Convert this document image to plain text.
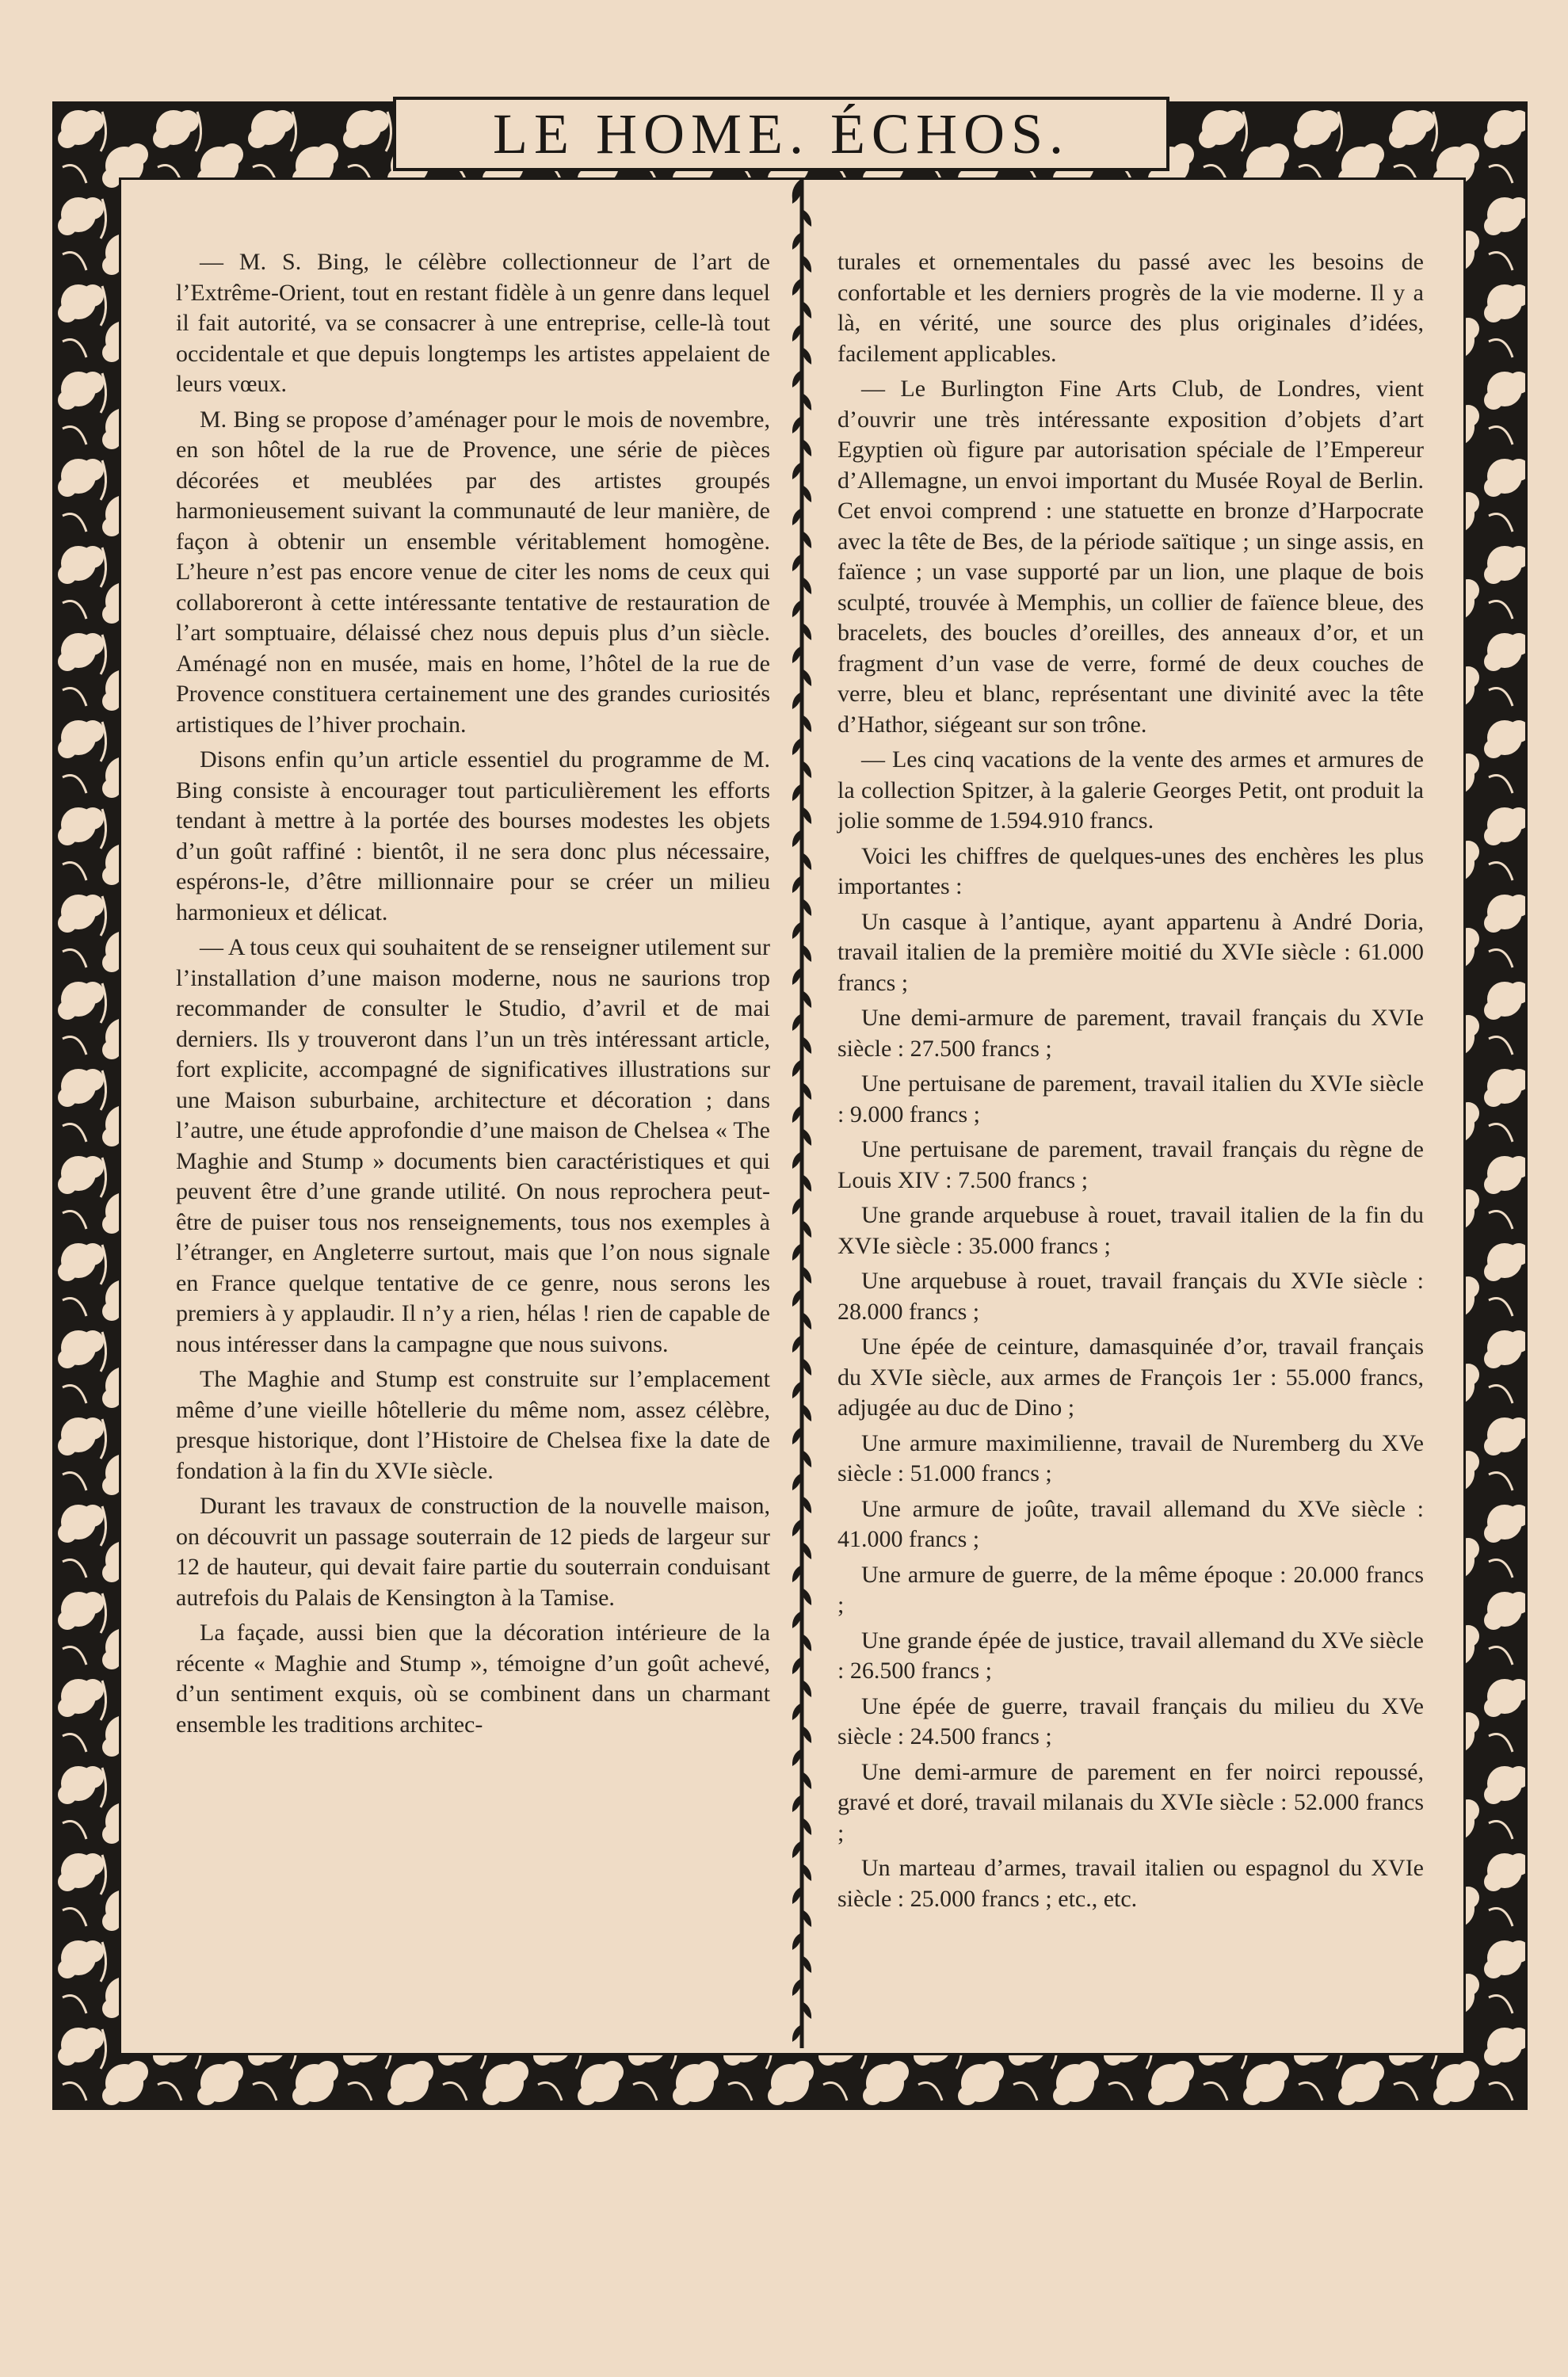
LE HOME. ÉCHOS.

— M. S. Bing, le célèbre collectionneur de l’art de l’Extrême-Orient, tout en restant fidèle à un genre dans lequel il fait autorité, va se consacrer à une entreprise, celle-là tout occidentale et que depuis longtemps les artistes appelaient de leurs vœux.

M. Bing se propose d’aménager pour le mois de novembre, en son hôtel de la rue de Provence, une série de pièces décorées et meublées par des artistes groupés harmonieusement suivant la communauté de leur manière, de façon à obtenir un ensemble véritablement homogène. L’heure n’est pas encore venue de citer les noms de ceux qui collaboreront à cette intéressante tentative de restauration de l’art somptuaire, délaissé chez nous depuis plus d’un siècle. Aménagé non en musée, mais en home, l’hôtel de la rue de Provence constituera certainement une des grandes curiosités artistiques de l’hiver prochain.

Disons enfin qu’un article essentiel du programme de M. Bing consiste à encourager tout particulièrement les efforts tendant à mettre à la portée des bourses modestes les objets d’un goût raffiné : bientôt, il ne sera donc plus nécessaire, espérons-le, d’être millionnaire pour se créer un milieu harmonieux et délicat.

— A tous ceux qui souhaitent de se renseigner utilement sur l’installation d’une maison moderne, nous ne saurions trop recommander de consulter le Studio, d’avril et de mai derniers. Ils y trouveront dans l’un un très intéressant article, fort explicite, accompagné de significatives illustrations sur une Maison suburbaine, architecture et décoration ; dans l’autre, une étude approfondie d’une maison de Chelsea « The Maghie and Stump » documents bien caractéristiques et qui peuvent être d’une grande utilité. On nous reprochera peut-être de puiser tous nos renseignements, tous nos exemples à l’étranger, en Angleterre surtout, mais que l’on nous signale en France quelque tentative de ce genre, nous serons les premiers à y applaudir. Il n’y a rien, hélas ! rien de capable de nous intéresser dans la campagne que nous suivons.

The Maghie and Stump est construite sur l’emplacement même d’une vieille hôtellerie du même nom, assez célèbre, presque historique, dont l’Histoire de Chelsea fixe la date de fondation à la fin du XVIe siècle.

Durant les travaux de construction de la nouvelle maison, on découvrit un passage souterrain de 12 pieds de largeur sur 12 de hauteur, qui devait faire partie du souterrain conduisant autrefois du Palais de Kensington à la Tamise.

La façade, aussi bien que la décoration intérieure de la récente « Maghie and Stump », témoigne d’un goût achevé, d’un sentiment exquis, où se combinent dans un charmant ensemble les traditions architec-

turales et ornementales du passé avec les besoins de confortable et les derniers progrès de la vie moderne. Il y a là, en vérité, une source des plus originales d’idées, facilement applicables.

— Le Burlington Fine Arts Club, de Londres, vient d’ouvrir une très intéressante exposition d’objets d’art Egyptien où figure par autorisation spéciale de l’Empereur d’Allemagne, un envoi important du Musée Royal de Berlin. Cet envoi comprend : une statuette en bronze d’Harpocrate avec la tête de Bes, de la période saïtique ; un singe assis, en faïence ; un vase supporté par un lion, une plaque de bois sculpté, trouvée à Memphis, un collier de faïence bleue, des bracelets, des boucles d’oreilles, des anneaux d’or, et un fragment d’un vase de verre, formé de deux couches de verre, bleu et blanc, représentant une divinité avec la tête d’Hathor, siégeant sur son trône.

— Les cinq vacations de la vente des armes et armures de la collection Spitzer, à la galerie Georges Petit, ont produit la jolie somme de 1.594.910 francs.

Voici les chiffres de quelques-unes des enchères les plus importantes :

Un casque à l’antique, ayant appartenu à André Doria, travail italien de la première moitié du XVIe siècle : 61.000 francs ;

Une demi-armure de parement, travail français du XVIe siècle : 27.500 francs ;

Une pertuisane de parement, travail italien du XVIe siècle : 9.000 francs ;

Une pertuisane de parement, travail français du règne de Louis XIV : 7.500 francs ;

Une grande arquebuse à rouet, travail italien de la fin du XVIe siècle : 35.000 francs ;

Une arquebuse à rouet, travail français du XVIe siècle : 28.000 francs ;

Une épée de ceinture, damasquinée d’or, travail français du XVIe siècle, aux armes de François 1er : 55.000 francs, adjugée au duc de Dino ;

Une armure maximilienne, travail de Nuremberg du XVe siècle : 51.000 francs ;

Une armure de joûte, travail allemand du XVe siècle : 41.000 francs ;

Une armure de guerre, de la même époque : 20.000 francs ;

Une grande épée de justice, travail allemand du XVe siècle : 26.500 francs ;

Une épée de guerre, travail français du milieu du XVe siècle : 24.500 francs ;

Une demi-armure de parement en fer noirci repoussé, gravé et doré, travail milanais du XVIe siècle : 52.000 francs ;

Un marteau d’armes, travail italien ou espagnol du XVIe siècle : 25.000 francs ; etc., etc.
